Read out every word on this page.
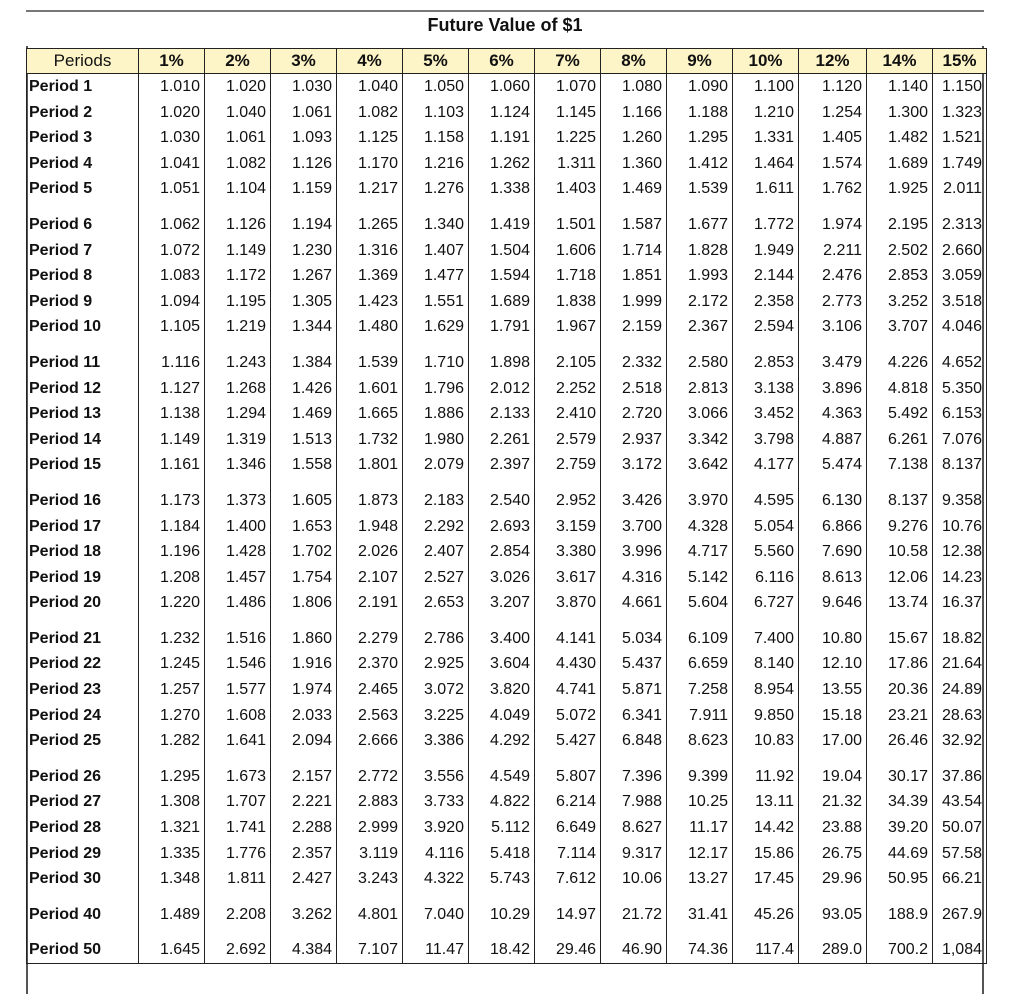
Future Value of $1
Periods	1%	2%	3%	4%	5%	6%	7%	8%	9%	10%	12%	14%	15%
Period 1	1.010	1.020	1.030	1.040	1.050	1.060	1.070	1.080	1.090	1.100	1.120	1.140	1.150
Period 2	1.020	1.040	1.061	1.082	1.103	1.124	1.145	1.166	1.188	1.210	1.254	1.300	1.323
Period 3	1.030	1.061	1.093	1.125	1.158	1.191	1.225	1.260	1.295	1.331	1.405	1.482	1.521
Period 4	1.041	1.082	1.126	1.170	1.216	1.262	1.311	1.360	1.412	1.464	1.574	1.689	1.749
Period 5	1.051	1.104	1.159	1.217	1.276	1.338	1.403	1.469	1.539	1.611	1.762	1.925	2.011
Period 6	1.062	1.126	1.194	1.265	1.340	1.419	1.501	1.587	1.677	1.772	1.974	2.195	2.313
Period 7	1.072	1.149	1.230	1.316	1.407	1.504	1.606	1.714	1.828	1.949	2.211	2.502	2.660
Period 8	1.083	1.172	1.267	1.369	1.477	1.594	1.718	1.851	1.993	2.144	2.476	2.853	3.059
Period 9	1.094	1.195	1.305	1.423	1.551	1.689	1.838	1.999	2.172	2.358	2.773	3.252	3.518
Period 10	1.105	1.219	1.344	1.480	1.629	1.791	1.967	2.159	2.367	2.594	3.106	3.707	4.046
Period 11	1.116	1.243	1.384	1.539	1.710	1.898	2.105	2.332	2.580	2.853	3.479	4.226	4.652
Period 12	1.127	1.268	1.426	1.601	1.796	2.012	2.252	2.518	2.813	3.138	3.896	4.818	5.350
Period 13	1.138	1.294	1.469	1.665	1.886	2.133	2.410	2.720	3.066	3.452	4.363	5.492	6.153
Period 14	1.149	1.319	1.513	1.732	1.980	2.261	2.579	2.937	3.342	3.798	4.887	6.261	7.076
Period 15	1.161	1.346	1.558	1.801	2.079	2.397	2.759	3.172	3.642	4.177	5.474	7.138	8.137
Period 16	1.173	1.373	1.605	1.873	2.183	2.540	2.952	3.426	3.970	4.595	6.130	8.137	9.358
Period 17	1.184	1.400	1.653	1.948	2.292	2.693	3.159	3.700	4.328	5.054	6.866	9.276	10.76
Period 18	1.196	1.428	1.702	2.026	2.407	2.854	3.380	3.996	4.717	5.560	7.690	10.58	12.38
Period 19	1.208	1.457	1.754	2.107	2.527	3.026	3.617	4.316	5.142	6.116	8.613	12.06	14.23
Period 20	1.220	1.486	1.806	2.191	2.653	3.207	3.870	4.661	5.604	6.727	9.646	13.74	16.37
Period 21	1.232	1.516	1.860	2.279	2.786	3.400	4.141	5.034	6.109	7.400	10.80	15.67	18.82
Period 22	1.245	1.546	1.916	2.370	2.925	3.604	4.430	5.437	6.659	8.140	12.10	17.86	21.64
Period 23	1.257	1.577	1.974	2.465	3.072	3.820	4.741	5.871	7.258	8.954	13.55	20.36	24.89
Period 24	1.270	1.608	2.033	2.563	3.225	4.049	5.072	6.341	7.911	9.850	15.18	23.21	28.63
Period 25	1.282	1.641	2.094	2.666	3.386	4.292	5.427	6.848	8.623	10.83	17.00	26.46	32.92
Period 26	1.295	1.673	2.157	2.772	3.556	4.549	5.807	7.396	9.399	11.92	19.04	30.17	37.86
Period 27	1.308	1.707	2.221	2.883	3.733	4.822	6.214	7.988	10.25	13.11	21.32	34.39	43.54
Period 28	1.321	1.741	2.288	2.999	3.920	5.112	6.649	8.627	11.17	14.42	23.88	39.20	50.07
Period 29	1.335	1.776	2.357	3.119	4.116	5.418	7.114	9.317	12.17	15.86	26.75	44.69	57.58
Period 30	1.348	1.811	2.427	3.243	4.322	5.743	7.612	10.06	13.27	17.45	29.96	50.95	66.21
Period 40	1.489	2.208	3.262	4.801	7.040	10.29	14.97	21.72	31.41	45.26	93.05	188.9	267.9
Period 50	1.645	2.692	4.384	7.107	11.47	18.42	29.46	46.90	74.36	117.4	289.0	700.2	1,084
